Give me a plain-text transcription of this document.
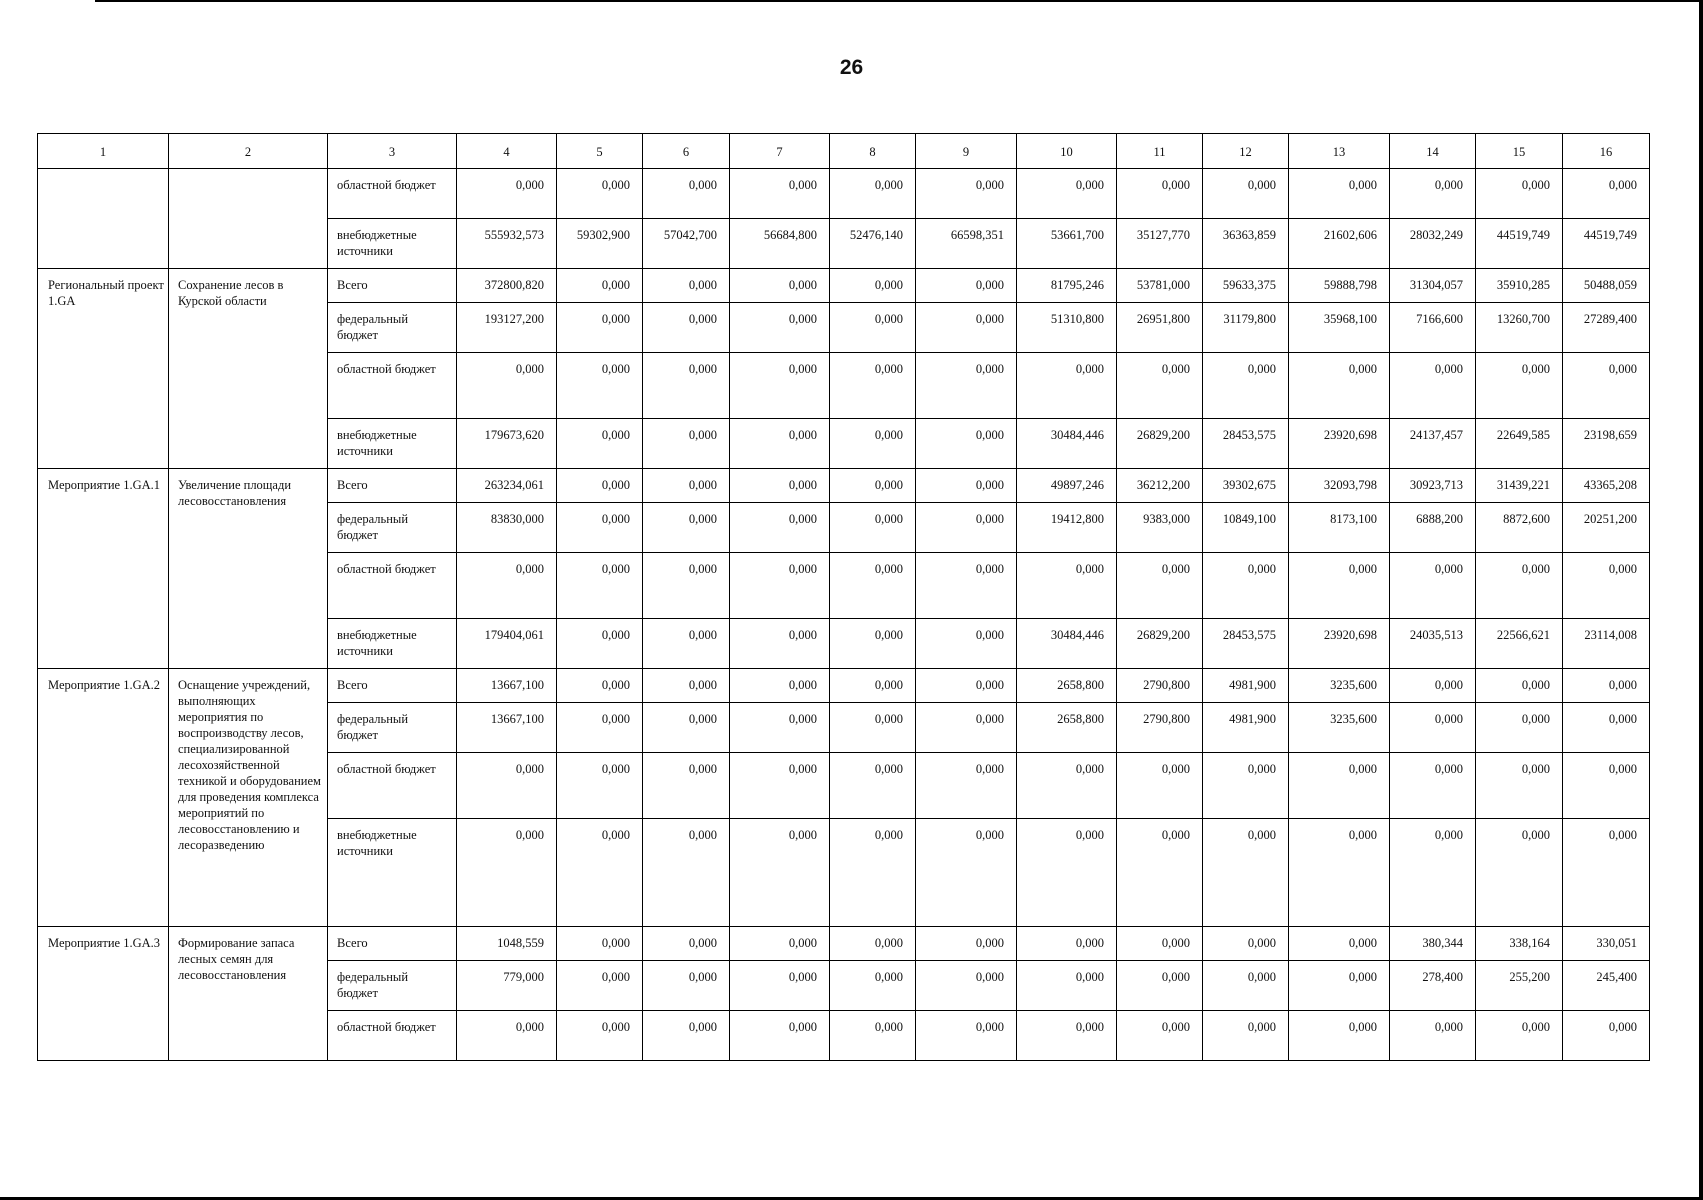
26
1	2	3	4	5	6	7	8	9	10	11	12	13	14	15	16
		областной бюджет	0,000	0,000	0,000	0,000	0,000	0,000	0,000	0,000	0,000	0,000	0,000	0,000	0,000
		внебюджетные источники	555932,573	59302,900	57042,700	56684,800	52476,140	66598,351	53661,700	35127,770	36363,859	21602,606	28032,249	44519,749	44519,749
Региональный проект 1.GA	Сохранение лесов в Курской области	Всего	372800,820	0,000	0,000	0,000	0,000	0,000	81795,246	53781,000	59633,375	59888,798	31304,057	35910,285	50488,059
		федеральный бюджет	193127,200	0,000	0,000	0,000	0,000	0,000	51310,800	26951,800	31179,800	35968,100	7166,600	13260,700	27289,400
		областной бюджет	0,000	0,000	0,000	0,000	0,000	0,000	0,000	0,000	0,000	0,000	0,000	0,000	0,000
		внебюджетные источники	179673,620	0,000	0,000	0,000	0,000	0,000	30484,446	26829,200	28453,575	23920,698	24137,457	22649,585	23198,659
Мероприятие 1.GA.1	Увеличение площади лесовосстановления	Всего	263234,061	0,000	0,000	0,000	0,000	0,000	49897,246	36212,200	39302,675	32093,798	30923,713	31439,221	43365,208
		федеральный бюджет	83830,000	0,000	0,000	0,000	0,000	0,000	19412,800	9383,000	10849,100	8173,100	6888,200	8872,600	20251,200
		областной бюджет	0,000	0,000	0,000	0,000	0,000	0,000	0,000	0,000	0,000	0,000	0,000	0,000	0,000
		внебюджетные источники	179404,061	0,000	0,000	0,000	0,000	0,000	30484,446	26829,200	28453,575	23920,698	24035,513	22566,621	23114,008
Мероприятие 1.GA.2	Оснащение учреждений, выполняющих мероприятия по воспроизводству лесов, специализированной лесохозяйственной техникой и оборудованием для проведения комплекса мероприятий по лесовосстановлению и лесоразведению	Всего	13667,100	0,000	0,000	0,000	0,000	0,000	2658,800	2790,800	4981,900	3235,600	0,000	0,000	0,000
		федеральный бюджет	13667,100	0,000	0,000	0,000	0,000	0,000	2658,800	2790,800	4981,900	3235,600	0,000	0,000	0,000
		областной бюджет	0,000	0,000	0,000	0,000	0,000	0,000	0,000	0,000	0,000	0,000	0,000	0,000	0,000
		внебюджетные источники	0,000	0,000	0,000	0,000	0,000	0,000	0,000	0,000	0,000	0,000	0,000	0,000	0,000
Мероприятие 1.GA.3	Формирование запаса лесных семян для лесовосстановления	Всего	1048,559	0,000	0,000	0,000	0,000	0,000	0,000	0,000	0,000	0,000	380,344	338,164	330,051
		федеральный бюджет	779,000	0,000	0,000	0,000	0,000	0,000	0,000	0,000	0,000	0,000	278,400	255,200	245,400
		областной бюджет	0,000	0,000	0,000	0,000	0,000	0,000	0,000	0,000	0,000	0,000	0,000	0,000	0,000
